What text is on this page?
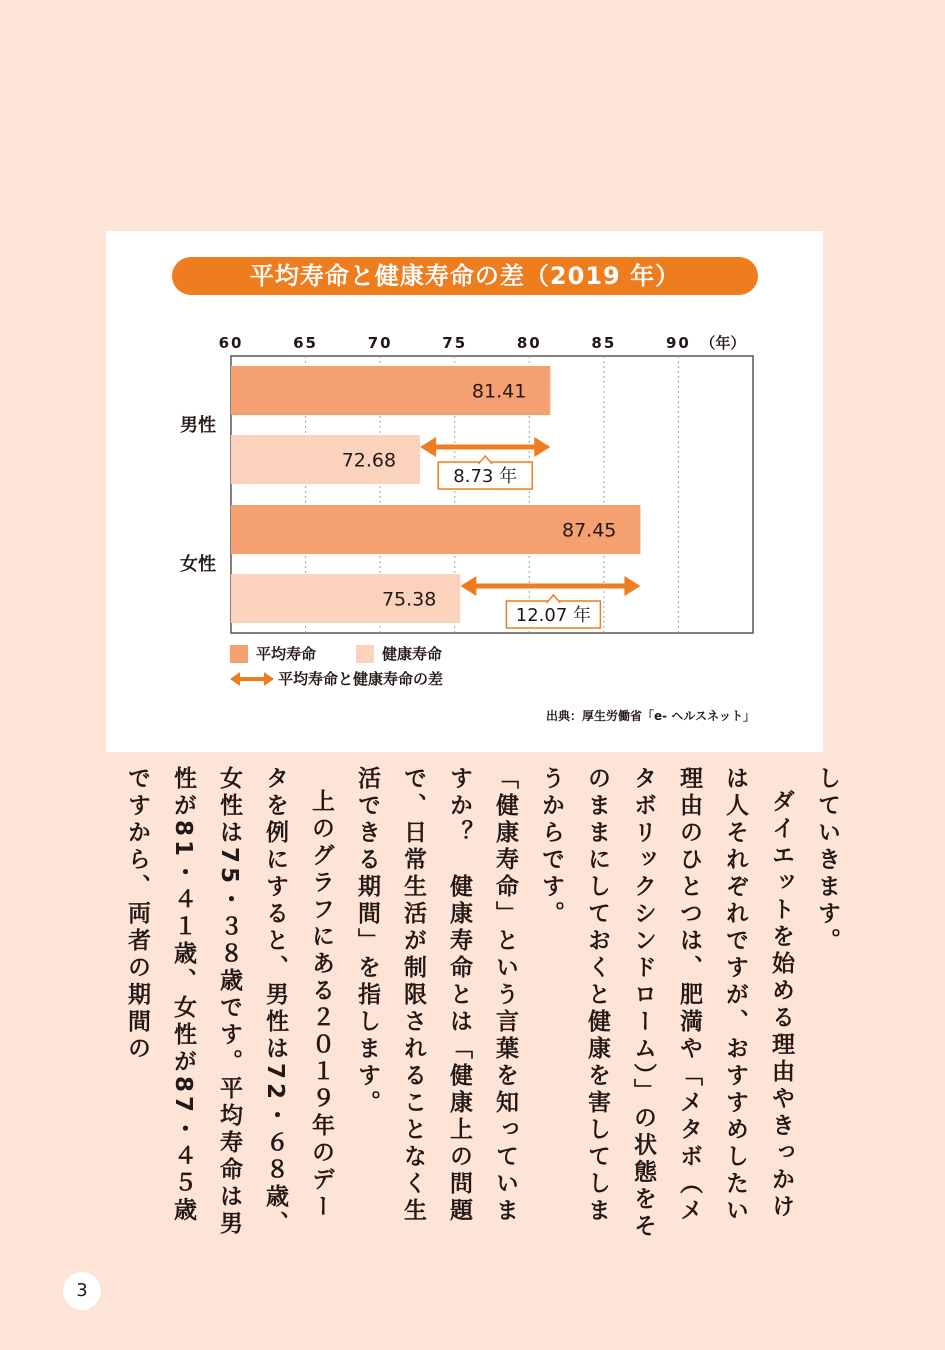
平均寿命と健康寿命の差（2019 年）
60	65	70	75	80	85	90 （年）
男性
81.41
72.68
8.73 年
女性
87.45
75.38
12.07 年
平均寿命	健康寿命
平均寿命と健康寿命の差
出典：厚生労働省「e- ヘルスネット」

していきます。

ダイエットを始める理由やきっかけは人それぞれですが、おすすめしたい理由のひとつは、肥満や「メタボ（メタボリックシンドローム）」の状態をそのままにしておくと健康を害してしまうからです。

「健康寿命」という言葉を知っていますか？　健康寿命とは「健康上の問題で、日常生活が制限されることなく生活できる期間」を指します。

上のグラフにある２０１９年のデータを例にすると、男性は72・６８歳、女性は75・３８歳です。平均寿命は男性が81・４１歳、女性が87・４５歳ですから、両者の期間の

3
